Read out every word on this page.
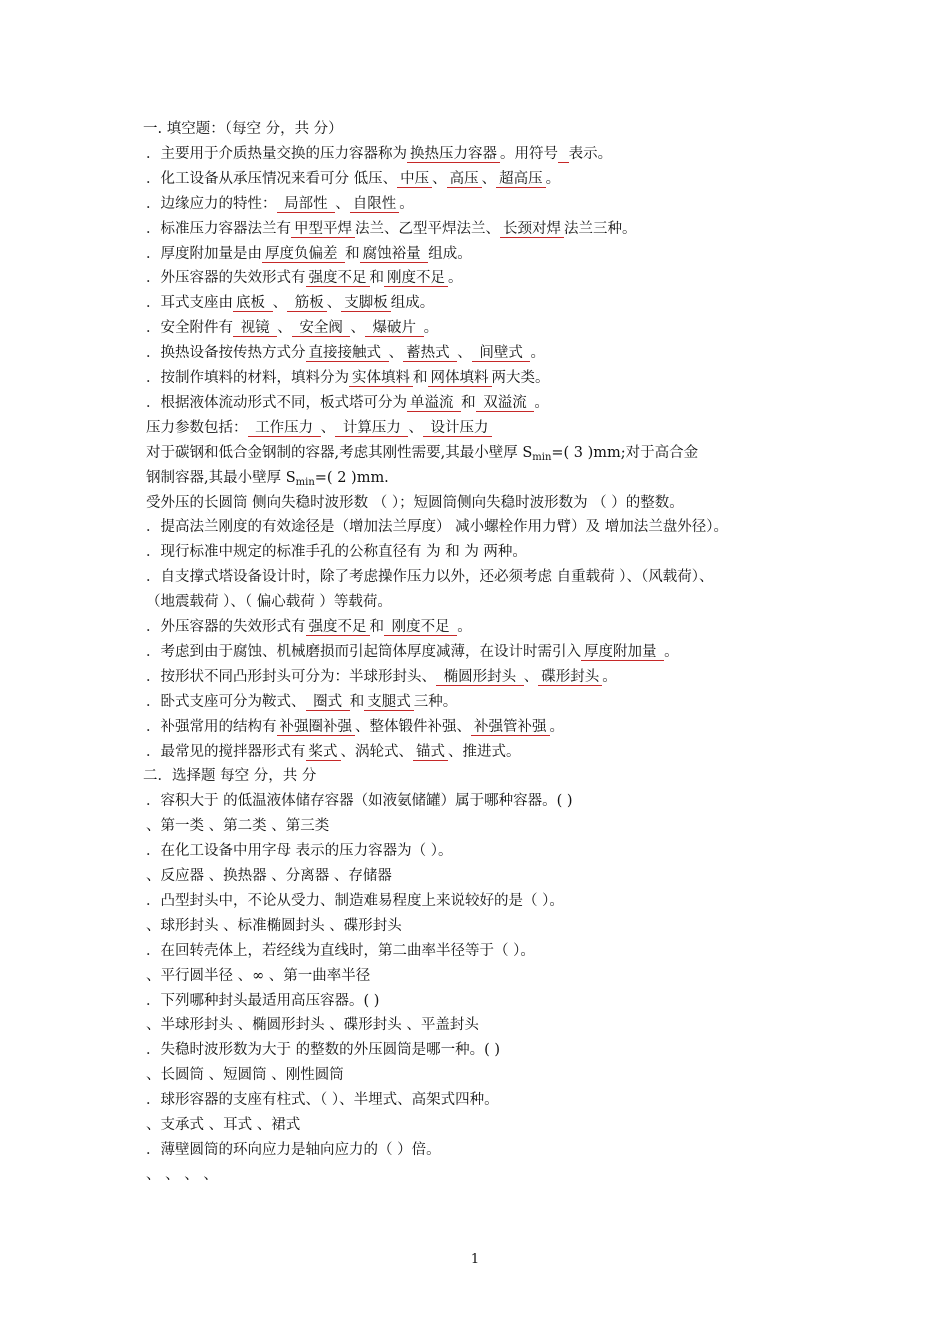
一. 填空题：（每空 分，共 分）
．主要用于介质热量交换的压力容器称为 换热压力容器 。用符号 表示。
．化工设备从承压情况来看可分 低压、 中压 、 高压 、 超高压 。
．边缘应力的特性： 局部性 、 自限性 。
．标准压力容器法兰有 甲型平焊 法兰、乙型平焊法兰、 长颈对焊 法兰三种。
．厚度附加量是由 厚度负偏差 和 腐蚀裕量 组成。
．外压容器的失效形式有 强度不足 和 刚度不足 。
．耳式支座由 底板 、 筋板 、 支脚板 组成。
．安全附件有 视镜 、 安全阀 、 爆破片 。
．换热设备按传热方式分 直接接触式 、 蓄热式 、 间壁式 。
．按制作填料的材料，填料分为 实体填料 和 网体填料 两大类。
．根据液体流动形式不同，板式塔可分为 单溢流 和 双溢流 。
压力参数包括： 工作压力 、 计算压力 、 设计压力
对于碳钢和低合金钢制的容器,考虑其刚性需要,其最小壁厚 $S_{min}=$( 3 )mm;对于高合金
钢制容器,其最小壁厚 $S_{min}=$( 2 )mm.
受外压的长圆筒 侧向失稳时波形数 （ ）；短圆筒侧向失稳时波形数为 （ ）的整数。
．提高法兰刚度的有效途径是（增加法兰厚度） 减小螺栓作用力臂）及 增加法兰盘外径）。
．现行标准中规定的标准手孔的公称直径有 为 和 为 两种。
．自支撑式塔设备设计时，除了考虑操作压力以外，还必须考虑 自重载荷 ）、（风载荷）、
（地震载荷 ）、（ 偏心载荷 ）等载荷。
．外压容器的失效形式有 强度不足 和 刚度不足 。
．考虑到由于腐蚀、机械磨损而引起筒体厚度减薄，在设计时需引入 厚度附加量 。
．按形状不同凸形封头可分为：半球形封头、 椭圆形封头 、 碟形封头 。
．卧式支座可分为鞍式、 圈式 和 支腿式 三种。
．补强常用的结构有 补强圈补强 、整体锻件补强、 补强管补强 。
．最常见的搅拌器形式有 桨式 、涡轮式、 锚式 、推进式。
二．选择题 每空 分，共 分
．容积大于 的低温液体储存容器（如液氨储罐）属于哪种容器。( )
、第一类 、第二类 、第三类
．在化工设备中用字母 表示的压力容器为（ ）。
、反应器 、换热器 、分离器 、存储器
．凸型封头中，不论从受力、制造难易程度上来说较好的是（ ）。
、球形封头 、标准椭圆封头 、碟形封头
．在回转壳体上，若经线为直线时，第二曲率半径等于（ ）。
、平行圆半径 、∞ 、第一曲率半径
．下列哪种封头最适用高压容器。( )
、半球形封头 、椭圆形封头 、碟形封头 、平盖封头
．失稳时波形数为大于 的整数的外压圆筒是哪一种。( )
、长圆筒 、短圆筒 、刚性圆筒
．球形容器的支座有柱式、（ ）、半埋式、高架式四种。
、支承式 、耳式 、裙式
．薄壁圆筒的环向应力是轴向应力的（ ）倍。
、 、 、 、
1
